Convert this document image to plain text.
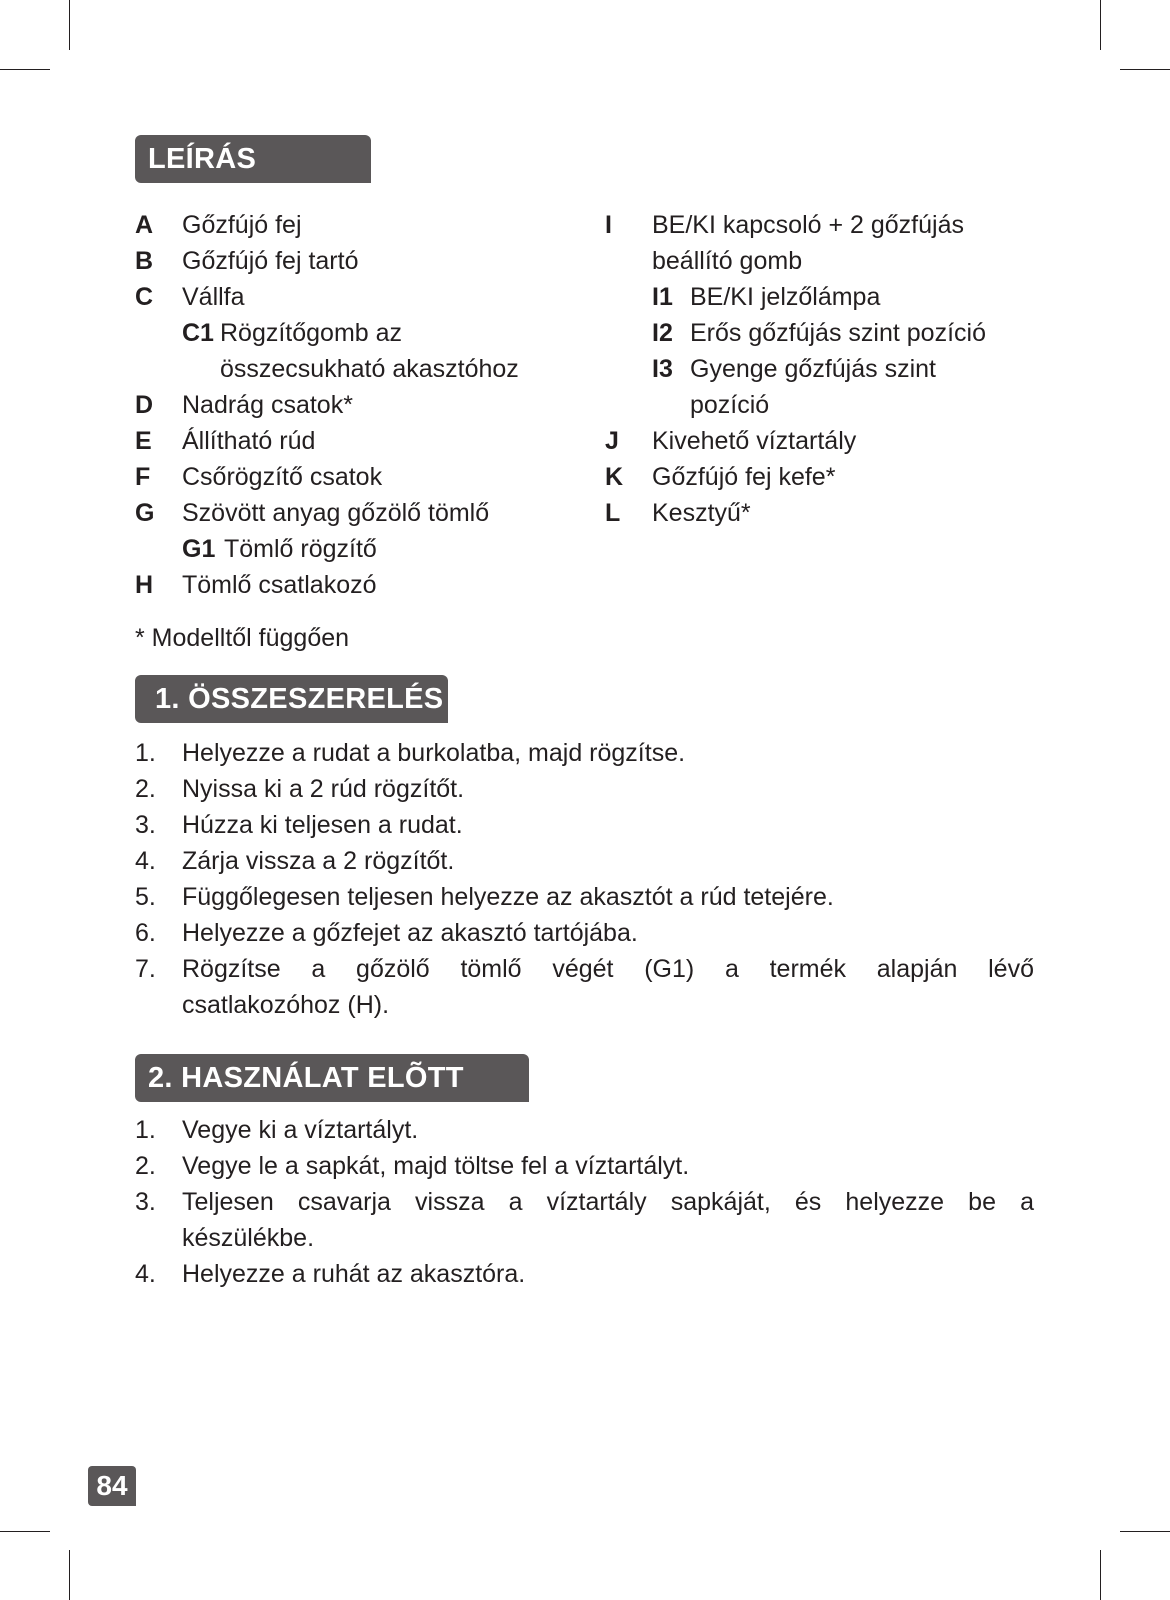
LEÍRÁS
A Gőzfújó fej
B Gőzfújó fej tartó
C Vállfa
C1 Rögzítőgomb az
összecsukható akasztóhoz
D Nadrág csatok*
E Állítható rúd
F Csőrögzítő csatok
G Szövött anyag gőzölő tömlő
G1 Tömlő rögzítő
H Tömlő csatlakozó
I BE/KI kapcsoló + 2 gőzfújás
beállító gomb
I1 BE/KI jelzőlámpa
I2 Erős gőzfújás szint pozíció
I3 Gyenge gőzfújás szint
pozíció
J Kivehető víztartály
K Gőzfújó fej kefe*
L Kesztyű*
* Modelltől függően
1. ÖSSZESZERELÉS
1. Helyezze a rudat a burkolatba, majd rögzítse.
2. Nyissa ki a 2 rúd rögzítőt.
3. Húzza ki teljesen a rudat.
4. Zárja vissza a 2 rögzítőt.
5. Függőlegesen teljesen helyezze az akasztót a rúd tetejére.
6. Helyezze a gőzfejet az akasztó tartójába.
7. Rögzítse a gőzölő tömlő végét (G1) a termék alapján lévő
csatlakozóhoz (H).
2. HASZNÁLAT ELÕTT
1. Vegye ki a víztartályt.
2. Vegye le a sapkát, majd töltse fel a víztartályt.
3. Teljesen csavarja vissza a víztartály sapkáját, és helyezze be a
készülékbe.
4. Helyezze a ruhát az akasztóra.
84
